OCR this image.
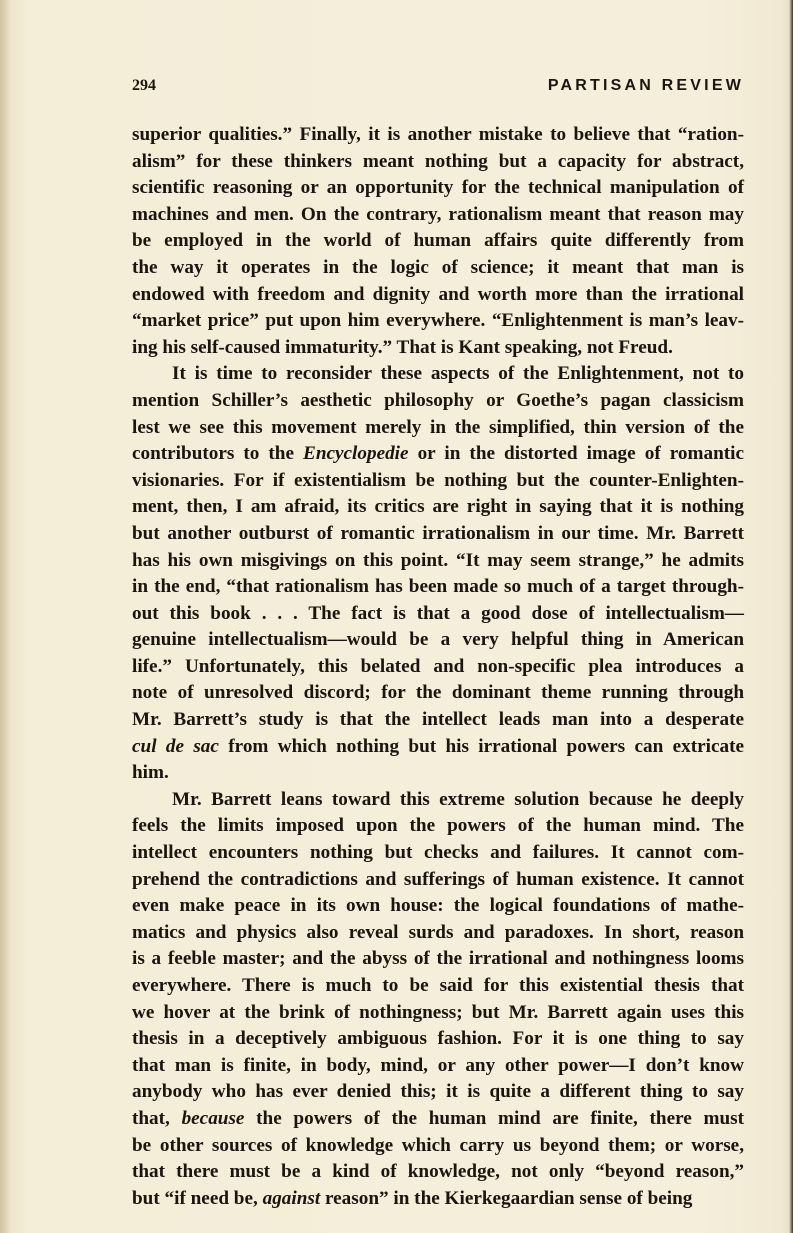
294	PARTISAN REVIEW
superior qualities.” Finally, it is another mistake to believe that “ration-
alism” for these thinkers meant nothing but a capacity for abstract,
scientific reasoning or an opportunity for the technical manipulation of
machines and men. On the contrary, rationalism meant that reason may
be employed in the world of human affairs quite differently from
the way it operates in the logic of science; it meant that man is
endowed with freedom and dignity and worth more than the irrational
“market price” put upon him everywhere. “Enlightenment is man’s leav-
ing his self-caused immaturity.” That is Kant speaking, not Freud.
It is time to reconsider these aspects of the Enlightenment, not to
mention Schiller’s aesthetic philosophy or Goethe’s pagan classicism
lest we see this movement merely in the simplified, thin version of the
contributors to the Encyclopedie or in the distorted image of romantic
visionaries. For if existentialism be nothing but the counter-Enlighten-
ment, then, I am afraid, its critics are right in saying that it is nothing
but another outburst of romantic irrationalism in our time. Mr. Barrett
has his own misgivings on this point. “It may seem strange,” he admits
in the end, “that rationalism has been made so much of a target through-
out this book . . . The fact is that a good dose of intellectualism—
genuine intellectualism—would be a very helpful thing in American
life.” Unfortunately, this belated and non-specific plea introduces a
note of unresolved discord; for the dominant theme running through
Mr. Barrett’s study is that the intellect leads man into a desperate
cul de sac from which nothing but his irrational powers can extricate
him.
Mr. Barrett leans toward this extreme solution because he deeply
feels the limits imposed upon the powers of the human mind. The
intellect encounters nothing but checks and failures. It cannot com-
prehend the contradictions and sufferings of human existence. It cannot
even make peace in its own house: the logical foundations of mathe-
matics and physics also reveal surds and paradoxes. In short, reason
is a feeble master; and the abyss of the irrational and nothingness looms
everywhere. There is much to be said for this existential thesis that
we hover at the brink of nothingness; but Mr. Barrett again uses this
thesis in a deceptively ambiguous fashion. For it is one thing to say
that man is finite, in body, mind, or any other power—I don’t know
anybody who has ever denied this; it is quite a different thing to say
that, because the powers of the human mind are finite, there must
be other sources of knowledge which carry us beyond them; or worse,
that there must be a kind of knowledge, not only “beyond reason,”
but “if need be, against reason” in the Kierkegaardian sense of being
